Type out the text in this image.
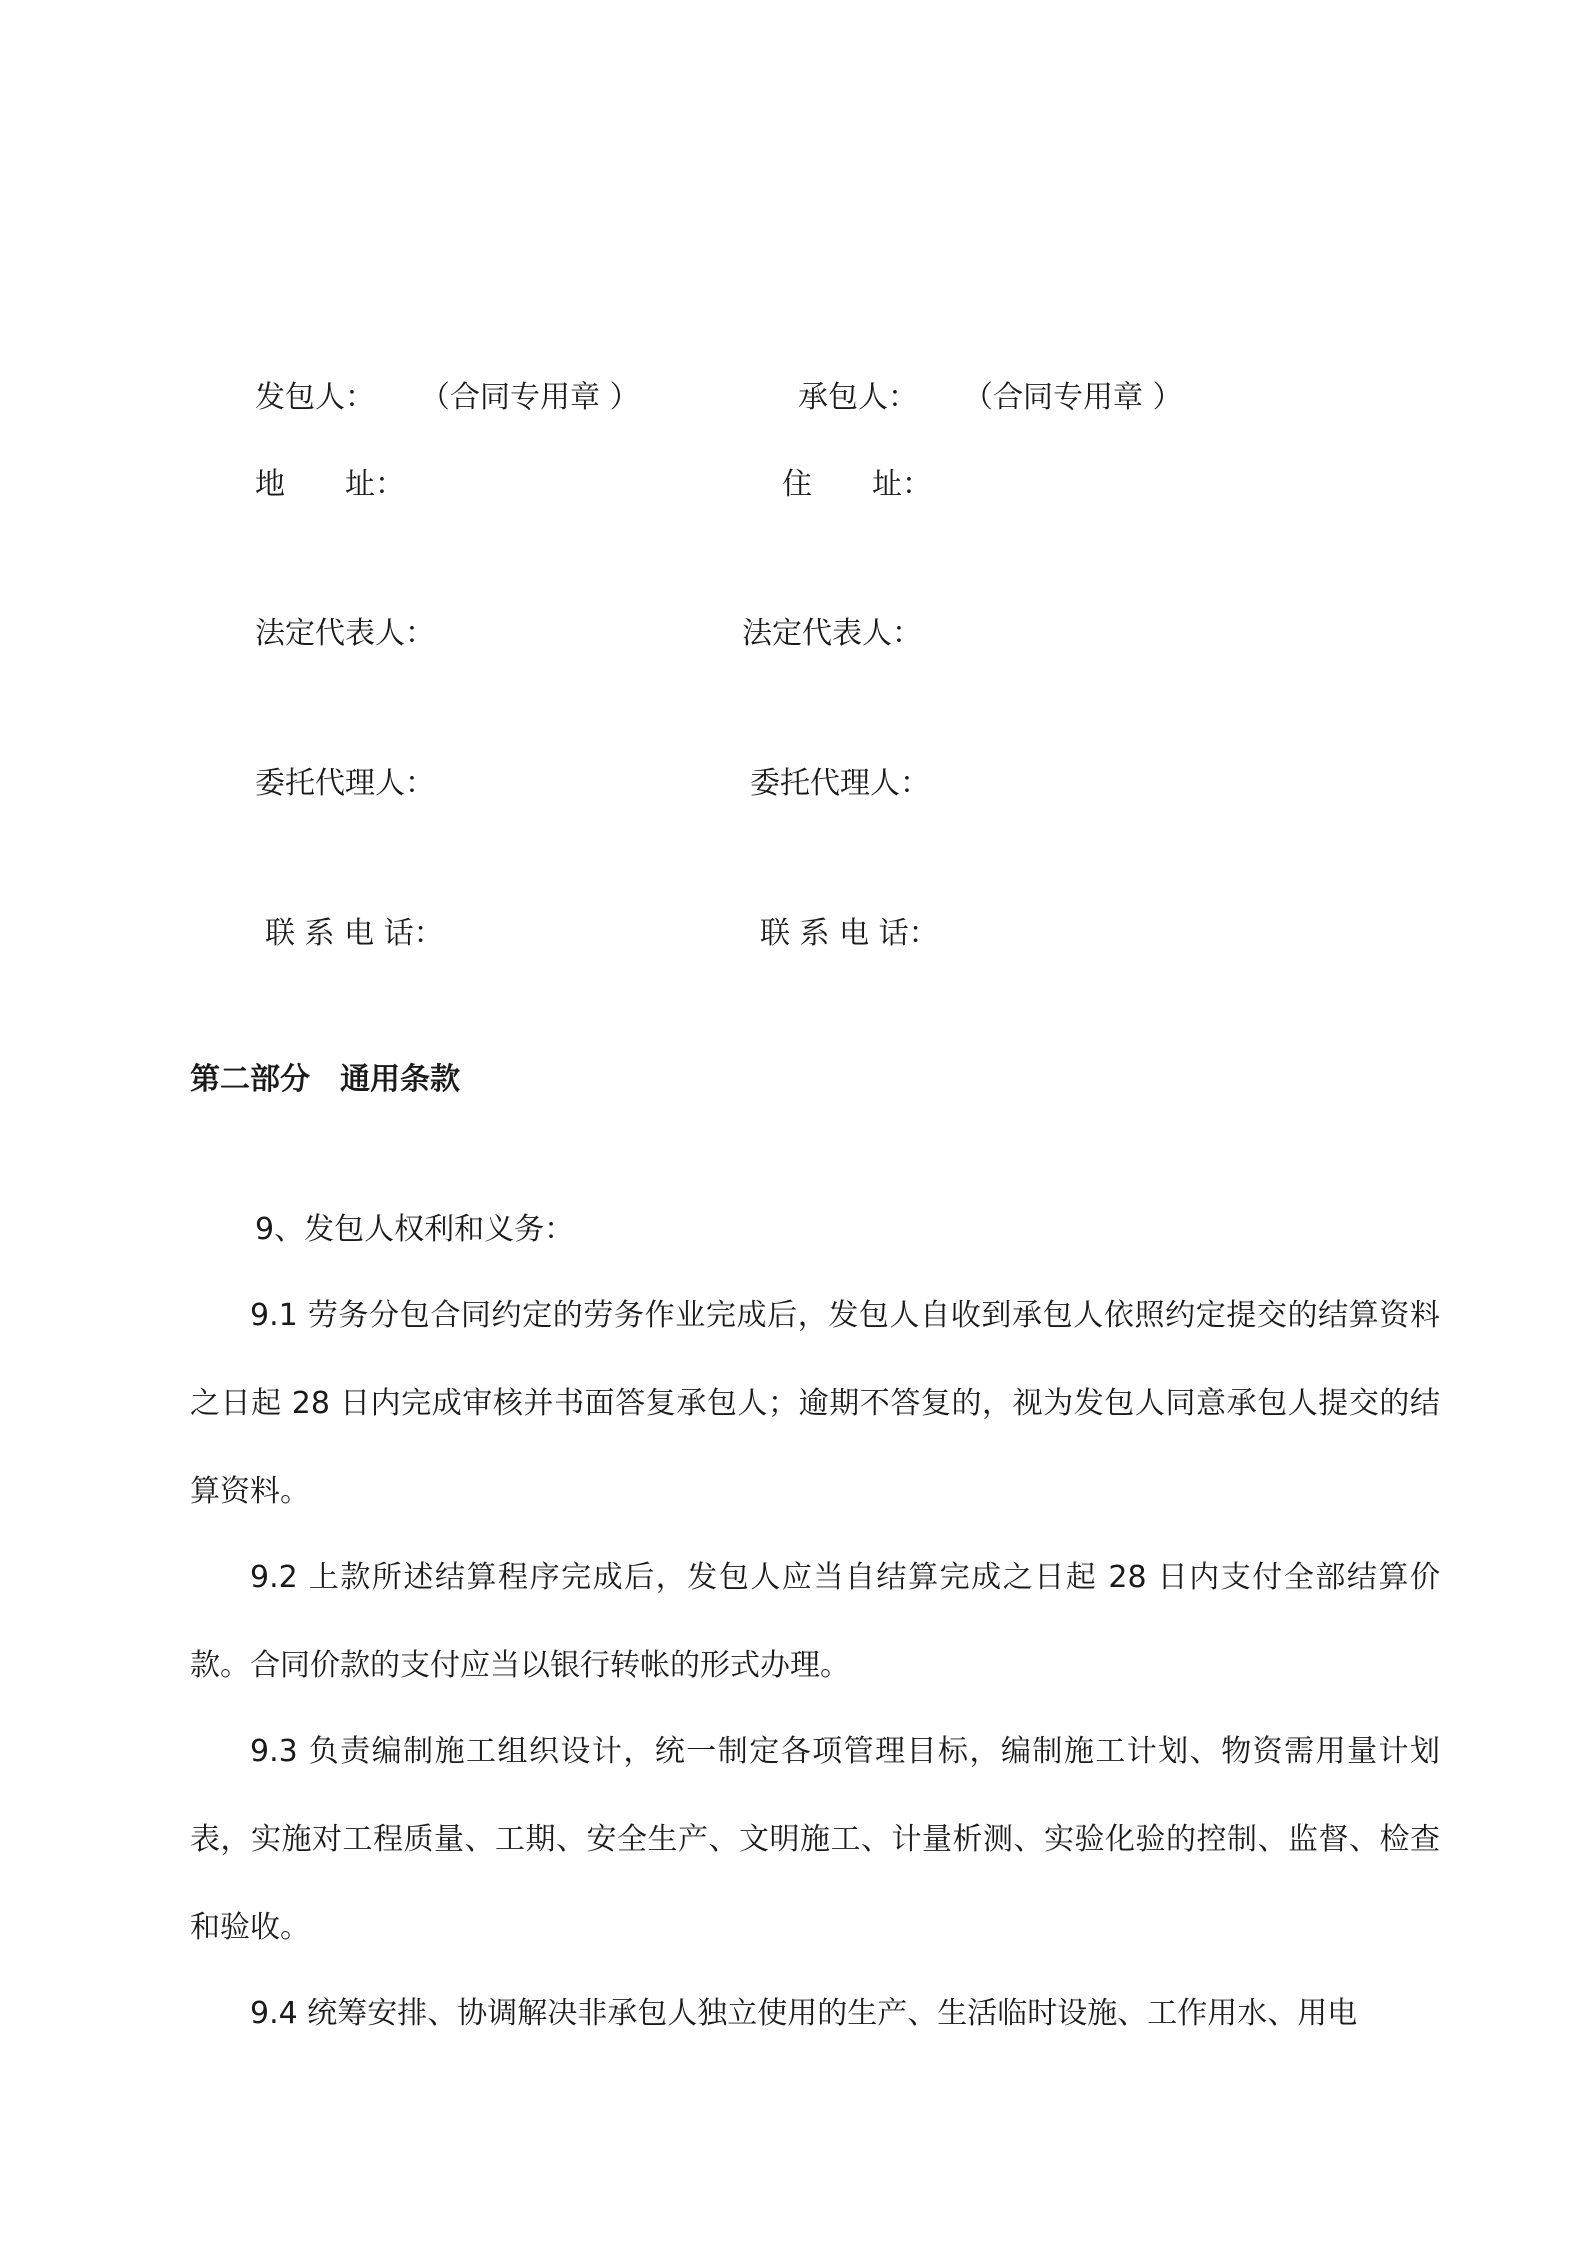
发包人： （合同专用章 ）
地　　址：
法定代表人：
委托代理人：
联 系 电 话：
承包人： （合同专用章 ）
住　　址：
法定代表人：
委托代理人：
联 系 电 话：
第二部分　通用条款
9、发包人权利和义务：
9.1 劳务分包合同约定的劳务作业完成后，发包人自收到承包人依照约定提交的结算资料之日起 28 日内完成审核并书面答复承包人；逾期不答复的，视为发包人同意承包人提交的结算资料。
9.2 上款所述结算程序完成后，发包人应当自结算完成之日起 28 日内支付全部结算价款。合同价款的支付应当以银行转帐的形式办理。
9.3 负责编制施工组织设计，统一制定各项管理目标，编制施工计划、物资需用量计划表，实施对工程质量、工期、安全生产、文明施工、计量析测、实验化验的控制、监督、检查和验收。
9.4 统筹安排、协调解决非承包人独立使用的生产、生活临时设施、工作用水、用电
